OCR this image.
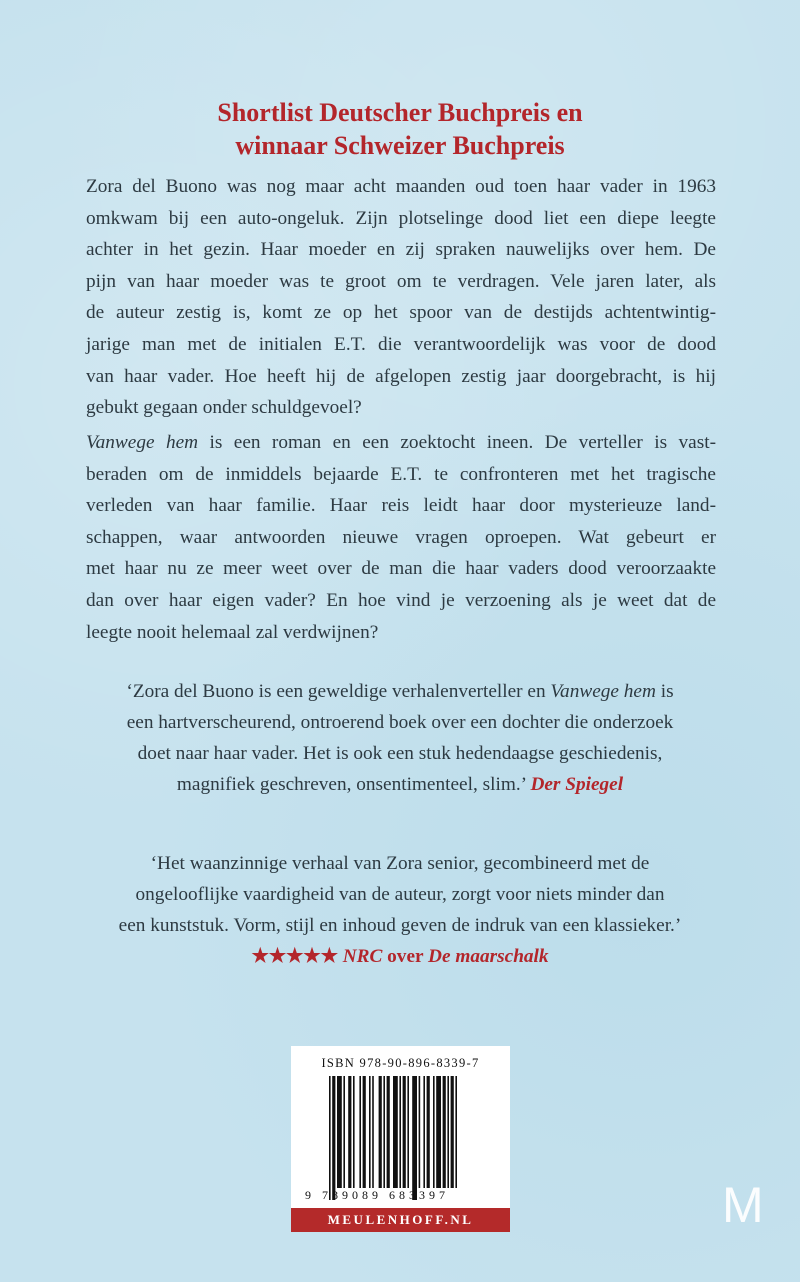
Shortlist Deutscher Buchpreis en
winnaar Schweizer Buchpreis
Zora del Buono was nog maar acht maanden oud toen haar vader in 1963
omkwam bij een auto-ongeluk. Zijn plotselinge dood liet een diepe leegte
achter in het gezin. Haar moeder en zij spraken nauwelijks over hem. De
pijn van haar moeder was te groot om te verdragen. Vele jaren later, als
de auteur zestig is, komt ze op het spoor van de destijds achtentwintig-
jarige man met de initialen E.T. die verantwoordelijk was voor de dood
van haar vader. Hoe heeft hij de afgelopen zestig jaar doorgebracht, is hij
gebukt gegaan onder schuldgevoel?
Vanwege hem is een roman en een zoektocht ineen. De verteller is vast-
beraden om de inmiddels bejaarde E.T. te confronteren met het tragische
verleden van haar familie. Haar reis leidt haar door mysterieuze land-
schappen, waar antwoorden nieuwe vragen oproepen. Wat gebeurt er
met haar nu ze meer weet over de man die haar vaders dood veroorzaakte
dan over haar eigen vader? En hoe vind je verzoening als je weet dat de
leegte nooit helemaal zal verdwijnen?
‘Zora del Buono is een geweldige verhalenverteller en Vanwege hem is
een hartverscheurend, ontroerend boek over een dochter die onderzoek
doet naar haar vader. Het is ook een stuk hedendaagse geschiedenis,
magnifiek geschreven, onsentimenteel, slim.’ Der Spiegel
‘Het waanzinnige verhaal van Zora senior, gecombineerd met de
ongelooflijke vaardigheid van de auteur, zorgt voor niets minder dan
een kunststuk. Vorm, stijl en inhoud geven de indruk van een klassieker.’
★★★★★ NRC over De maarschalk
ISBN 978-90-896-8339-7
9 789089 683397
MEULENHOFF.NL	M
